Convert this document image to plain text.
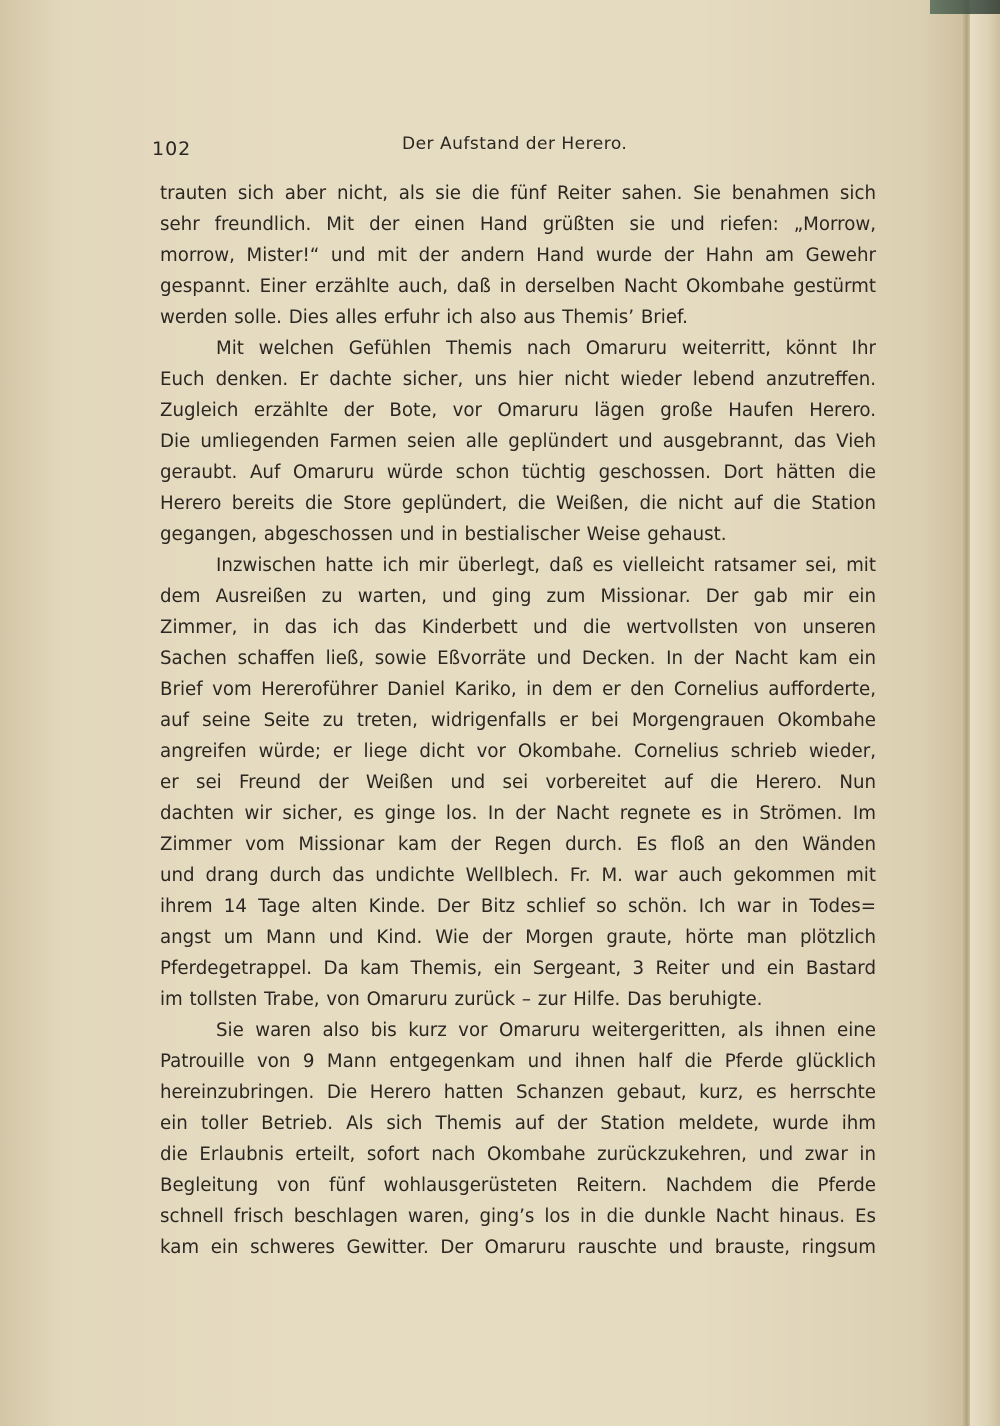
102	Der Aufstand der Herero.
trauten sich aber nicht, als sie die fünf Reiter sahen. Sie benahmen sich
sehr freundlich. Mit der einen Hand grüßten sie und riefen: „Morrow,
morrow, Mister!“ und mit der andern Hand wurde der Hahn am Gewehr
gespannt. Einer erzählte auch, daß in derselben Nacht Okombahe gestürmt
werden solle. Dies alles erfuhr ich also aus Themis’ Brief.
Mit welchen Gefühlen Themis nach Omaruru weiterritt, könnt Ihr
Euch denken. Er dachte sicher, uns hier nicht wieder lebend anzutreffen.
Zugleich erzählte der Bote, vor Omaruru lägen große Haufen Herero.
Die umliegenden Farmen seien alle geplündert und ausgebrannt, das Vieh
geraubt. Auf Omaruru würde schon tüchtig geschossen. Dort hätten die
Herero bereits die Store geplündert, die Weißen, die nicht auf die Station
gegangen, abgeschossen und in bestialischer Weise gehaust.
Inzwischen hatte ich mir überlegt, daß es vielleicht ratsamer sei, mit
dem Ausreißen zu warten, und ging zum Missionar. Der gab mir ein
Zimmer, in das ich das Kinderbett und die wertvollsten von unseren
Sachen schaffen ließ, sowie Eßvorräte und Decken. In der Nacht kam ein
Brief vom Hereroführer Daniel Kariko, in dem er den Cornelius aufforderte,
auf seine Seite zu treten, widrigenfalls er bei Morgengrauen Okombahe
angreifen würde; er liege dicht vor Okombahe. Cornelius schrieb wieder,
er sei Freund der Weißen und sei vorbereitet auf die Herero. Nun
dachten wir sicher, es ginge los. In der Nacht regnete es in Strömen. Im
Zimmer vom Missionar kam der Regen durch. Es floß an den Wänden
und drang durch das undichte Wellblech. Fr. M. war auch gekommen mit
ihrem 14 Tage alten Kinde. Der Bitz schlief so schön. Ich war in Todes=
angst um Mann und Kind. Wie der Morgen graute, hörte man plötzlich
Pferdegetrappel. Da kam Themis, ein Sergeant, 3 Reiter und ein Bastard
im tollsten Trabe, von Omaruru zurück – zur Hilfe. Das beruhigte.
Sie waren also bis kurz vor Omaruru weitergeritten, als ihnen eine
Patrouille von 9 Mann entgegenkam und ihnen half die Pferde glücklich
hereinzubringen. Die Herero hatten Schanzen gebaut, kurz, es herrschte
ein toller Betrieb. Als sich Themis auf der Station meldete, wurde ihm
die Erlaubnis erteilt, sofort nach Okombahe zurückzukehren, und zwar in
Begleitung von fünf wohlausgerüsteten Reitern. Nachdem die Pferde
schnell frisch beschlagen waren, ging’s los in die dunkle Nacht hinaus. Es
kam ein schweres Gewitter. Der Omaruru rauschte und brauste, ringsum
